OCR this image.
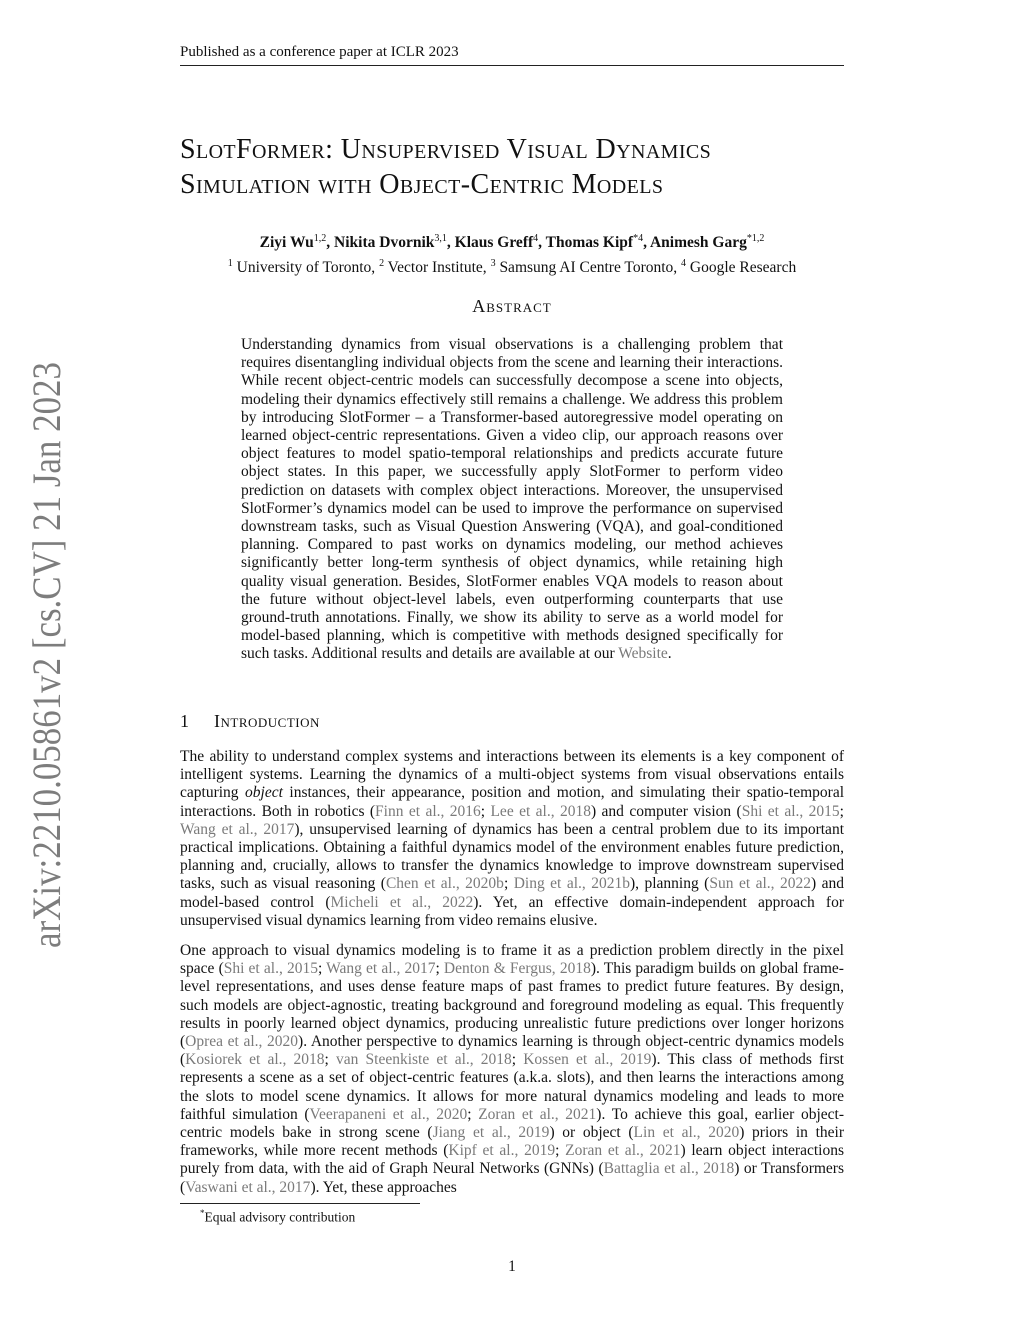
Published as a conference paper at ICLR 2023
arXiv:2210.05861v2 [cs.CV] 21 Jan 2023
SlotFormer: Unsupervised Visual Dynamics
Simulation with Object-Centric Models
Ziyi Wu$^{1,2}$, Nikita Dvornik$^{3,1}$, Klaus Greff$^4$, Thomas Kipf$^{*4}$, Animesh Garg$^{*1,2}$
$^1$ University of Toronto, $^2$ Vector Institute, $^3$ Samsung AI Centre Toronto, $^4$ Google Research
Abstract
Understanding dynamics from visual observations is a challenging problem that requires disentangling individual objects from the scene and learning their interactions. While recent object-centric models can successfully decompose a scene into objects, modeling their dynamics effectively still remains a challenge. We address this problem by introducing SlotFormer – a Transformer-based autoregressive model operating on learned object-centric representations. Given a video clip, our approach reasons over object features to model spatio-temporal relationships and predicts accurate future object states. In this paper, we successfully apply SlotFormer to perform video prediction on datasets with complex object interactions. Moreover, the unsupervised SlotFormer’s dynamics model can be used to improve the performance on supervised downstream tasks, such as Visual Question Answering (VQA), and goal-conditioned planning. Compared to past works on dynamics modeling, our method achieves significantly better long-term synthesis of object dynamics, while retaining high quality visual generation. Besides, SlotFormer enables VQA models to reason about the future without object-level labels, even outperforming counterparts that use ground-truth annotations. Finally, we show its ability to serve as a world model for model-based planning, which is competitive with methods designed specifically for such tasks. Additional results and details are available at our Website.
1 Introduction
The ability to understand complex systems and interactions between its elements is a key component of intelligent systems. Learning the dynamics of a multi-object systems from visual observations entails capturing object instances, their appearance, position and motion, and simulating their spatio-temporal interactions. Both in robotics (Finn et al., 2016; Lee et al., 2018) and computer vision (Shi et al., 2015; Wang et al., 2017), unsupervised learning of dynamics has been a central problem due to its important practical implications. Obtaining a faithful dynamics model of the environment enables future prediction, planning and, crucially, allows to transfer the dynamics knowledge to improve downstream supervised tasks, such as visual reasoning (Chen et al., 2020b; Ding et al., 2021b), planning (Sun et al., 2022) and model-based control (Micheli et al., 2022). Yet, an effective domain-independent approach for unsupervised visual dynamics learning from video remains elusive.
One approach to visual dynamics modeling is to frame it as a prediction problem directly in the pixel space (Shi et al., 2015; Wang et al., 2017; Denton & Fergus, 2018). This paradigm builds on global frame-level representations, and uses dense feature maps of past frames to predict future features. By design, such models are object-agnostic, treating background and foreground modeling as equal. This frequently results in poorly learned object dynamics, producing unrealistic future predictions over longer horizons (Oprea et al., 2020). Another perspective to dynamics learning is through object-centric dynamics models (Kosiorek et al., 2018; van Steenkiste et al., 2018; Kossen et al., 2019). This class of methods first represents a scene as a set of object-centric features (a.k.a. slots), and then learns the interactions among the slots to model scene dynamics. It allows for more natural dynamics modeling and leads to more faithful simulation (Veerapaneni et al., 2020; Zoran et al., 2021). To achieve this goal, earlier object-centric models bake in strong scene (Jiang et al., 2019) or object (Lin et al., 2020) priors in their frameworks, while more recent methods (Kipf et al., 2019; Zoran et al., 2021) learn object interactions purely from data, with the aid of Graph Neural Networks (GNNs) (Battaglia et al., 2018) or Transformers (Vaswani et al., 2017). Yet, these approaches
*Equal advisory contribution
1
